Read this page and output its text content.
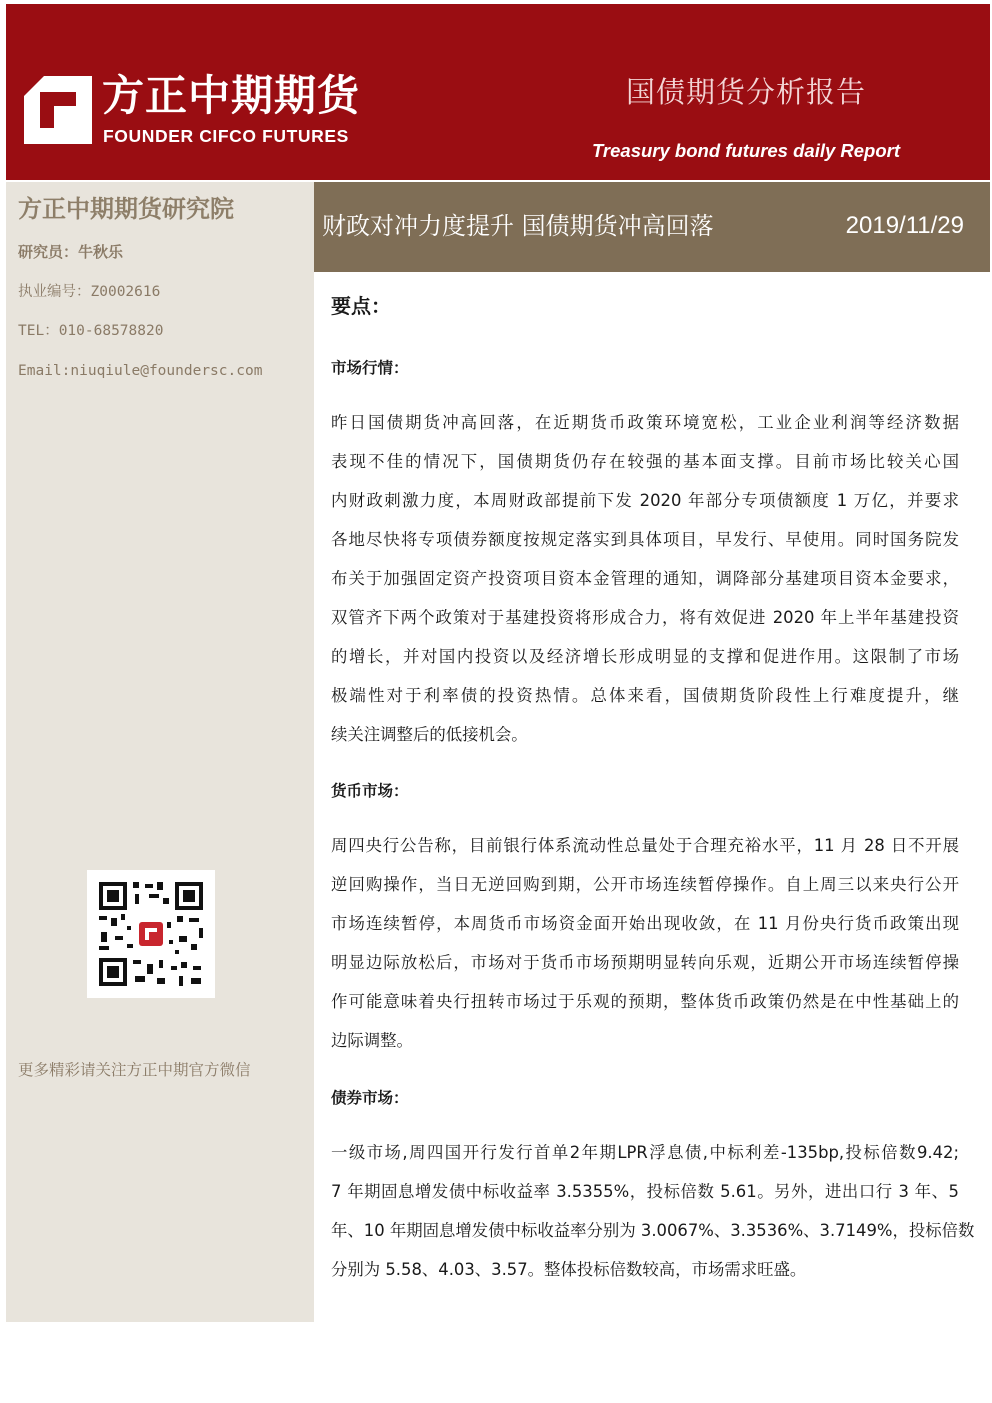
方正中期期货
FOUNDER CIFCO FUTURES
国债期货分析报告
Treasury bond futures daily Report
方正中期期货研究院
研究员：牛秋乐
执业编号：Z0002616
TEL：010-68578820
Email:niuqiule@foundersc.com
更多精彩请关注方正中期官方微信
财政对冲力度提升 国债期货冲高回落	2019/11/29
要点：
市场行情：
昨日国债期货冲高回落，在近期货币政策环境宽松，工业企业利润等经济数据
表现不佳的情况下，国债期货仍存在较强的基本面支撑。目前市场比较关心国
内财政刺激力度，本周财政部提前下发 2020 年部分专项债额度 1 万亿，并要求
各地尽快将专项债券额度按规定落实到具体项目，早发行、早使用。同时国务院发
布关于加强固定资产投资项目资本金管理的通知，调降部分基建项目资本金要求，
双管齐下两个政策对于基建投资将形成合力，将有效促进 2020 年上半年基建投资
的增长，并对国内投资以及经济增长形成明显的支撑和促进作用。这限制了市场
极端性对于利率债的投资热情。总体来看，国债期货阶段性上行难度提升，继
续关注调整后的低接机会。
货币市场：
周四央行公告称，目前银行体系流动性总量处于合理充裕水平，11 月 28 日不开展
逆回购操作，当日无逆回购到期，公开市场连续暂停操作。自上周三以来央行公开
市场连续暂停，本周货币市场资金面开始出现收敛，在 11 月份央行货币政策出现
明显边际放松后，市场对于货币市场预期明显转向乐观，近期公开市场连续暂停操
作可能意味着央行扭转市场过于乐观的预期，整体货币政策仍然是在中性基础上的
边际调整。
债券市场：
一级市场,周四国开行发行首单2年期LPR浮息债,中标利差-135bp,投标倍数9.42;
7 年期固息增发债中标收益率 3.5355%，投标倍数 5.61。另外，进出口行 3 年、5
年、10 年期固息增发债中标收益率分别为 3.0067%、3.3536%、3.7149%，投标倍数
分别为 5.58、4.03、3.57。整体投标倍数较高，市场需求旺盛。
